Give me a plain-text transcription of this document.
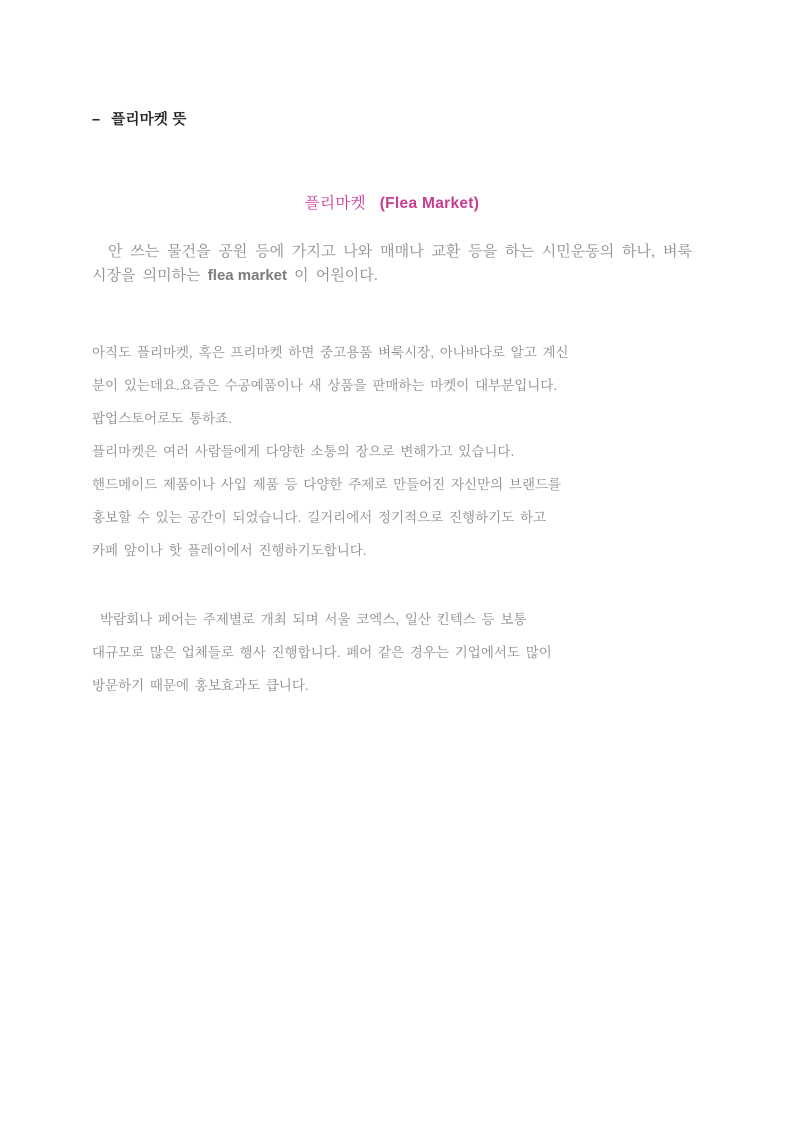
– 플리마켓 뜻
플리마켓 (Flea Market)
안 쓰는 물건을 공원 등에 가지고 나와 매매나 교환 등을 하는 시민운동의 하나, 벼룩시장을 의미하는 flea market 이 어원이다.

아직도 플리마켓, 혹은 프리마켓 하면 중고용품 벼룩시장, 아나바다로 알고 계신

분이 있는데요.요즘은 수공예품이나 새 상품을 판매하는 마켓이 대부분입니다.

팝업스토어로도 통하죠.

플리마켓은 여러 사람들에게 다양한 소통의 장으로 변해가고 있습니다.

핸드메이드 제품이나 사입 제품 등 다양한 주제로 만들어진 자신만의 브랜드를

홍보할 수 있는 공간이 되었습니다. 길거리에서 정기적으로 진행하기도 하고

카페 앞이나 핫 플레이에서 진행하기도합니다.

박람회나 페어는 주제별로 개최 되며 서울 코엑스, 일산 킨텍스 등 보통

대규모로 많은 업체들로 행사 진행합니다. 페어 같은 경우는 기업에서도 많이

방문하기 때문에 홍보효과도 큽니다.
